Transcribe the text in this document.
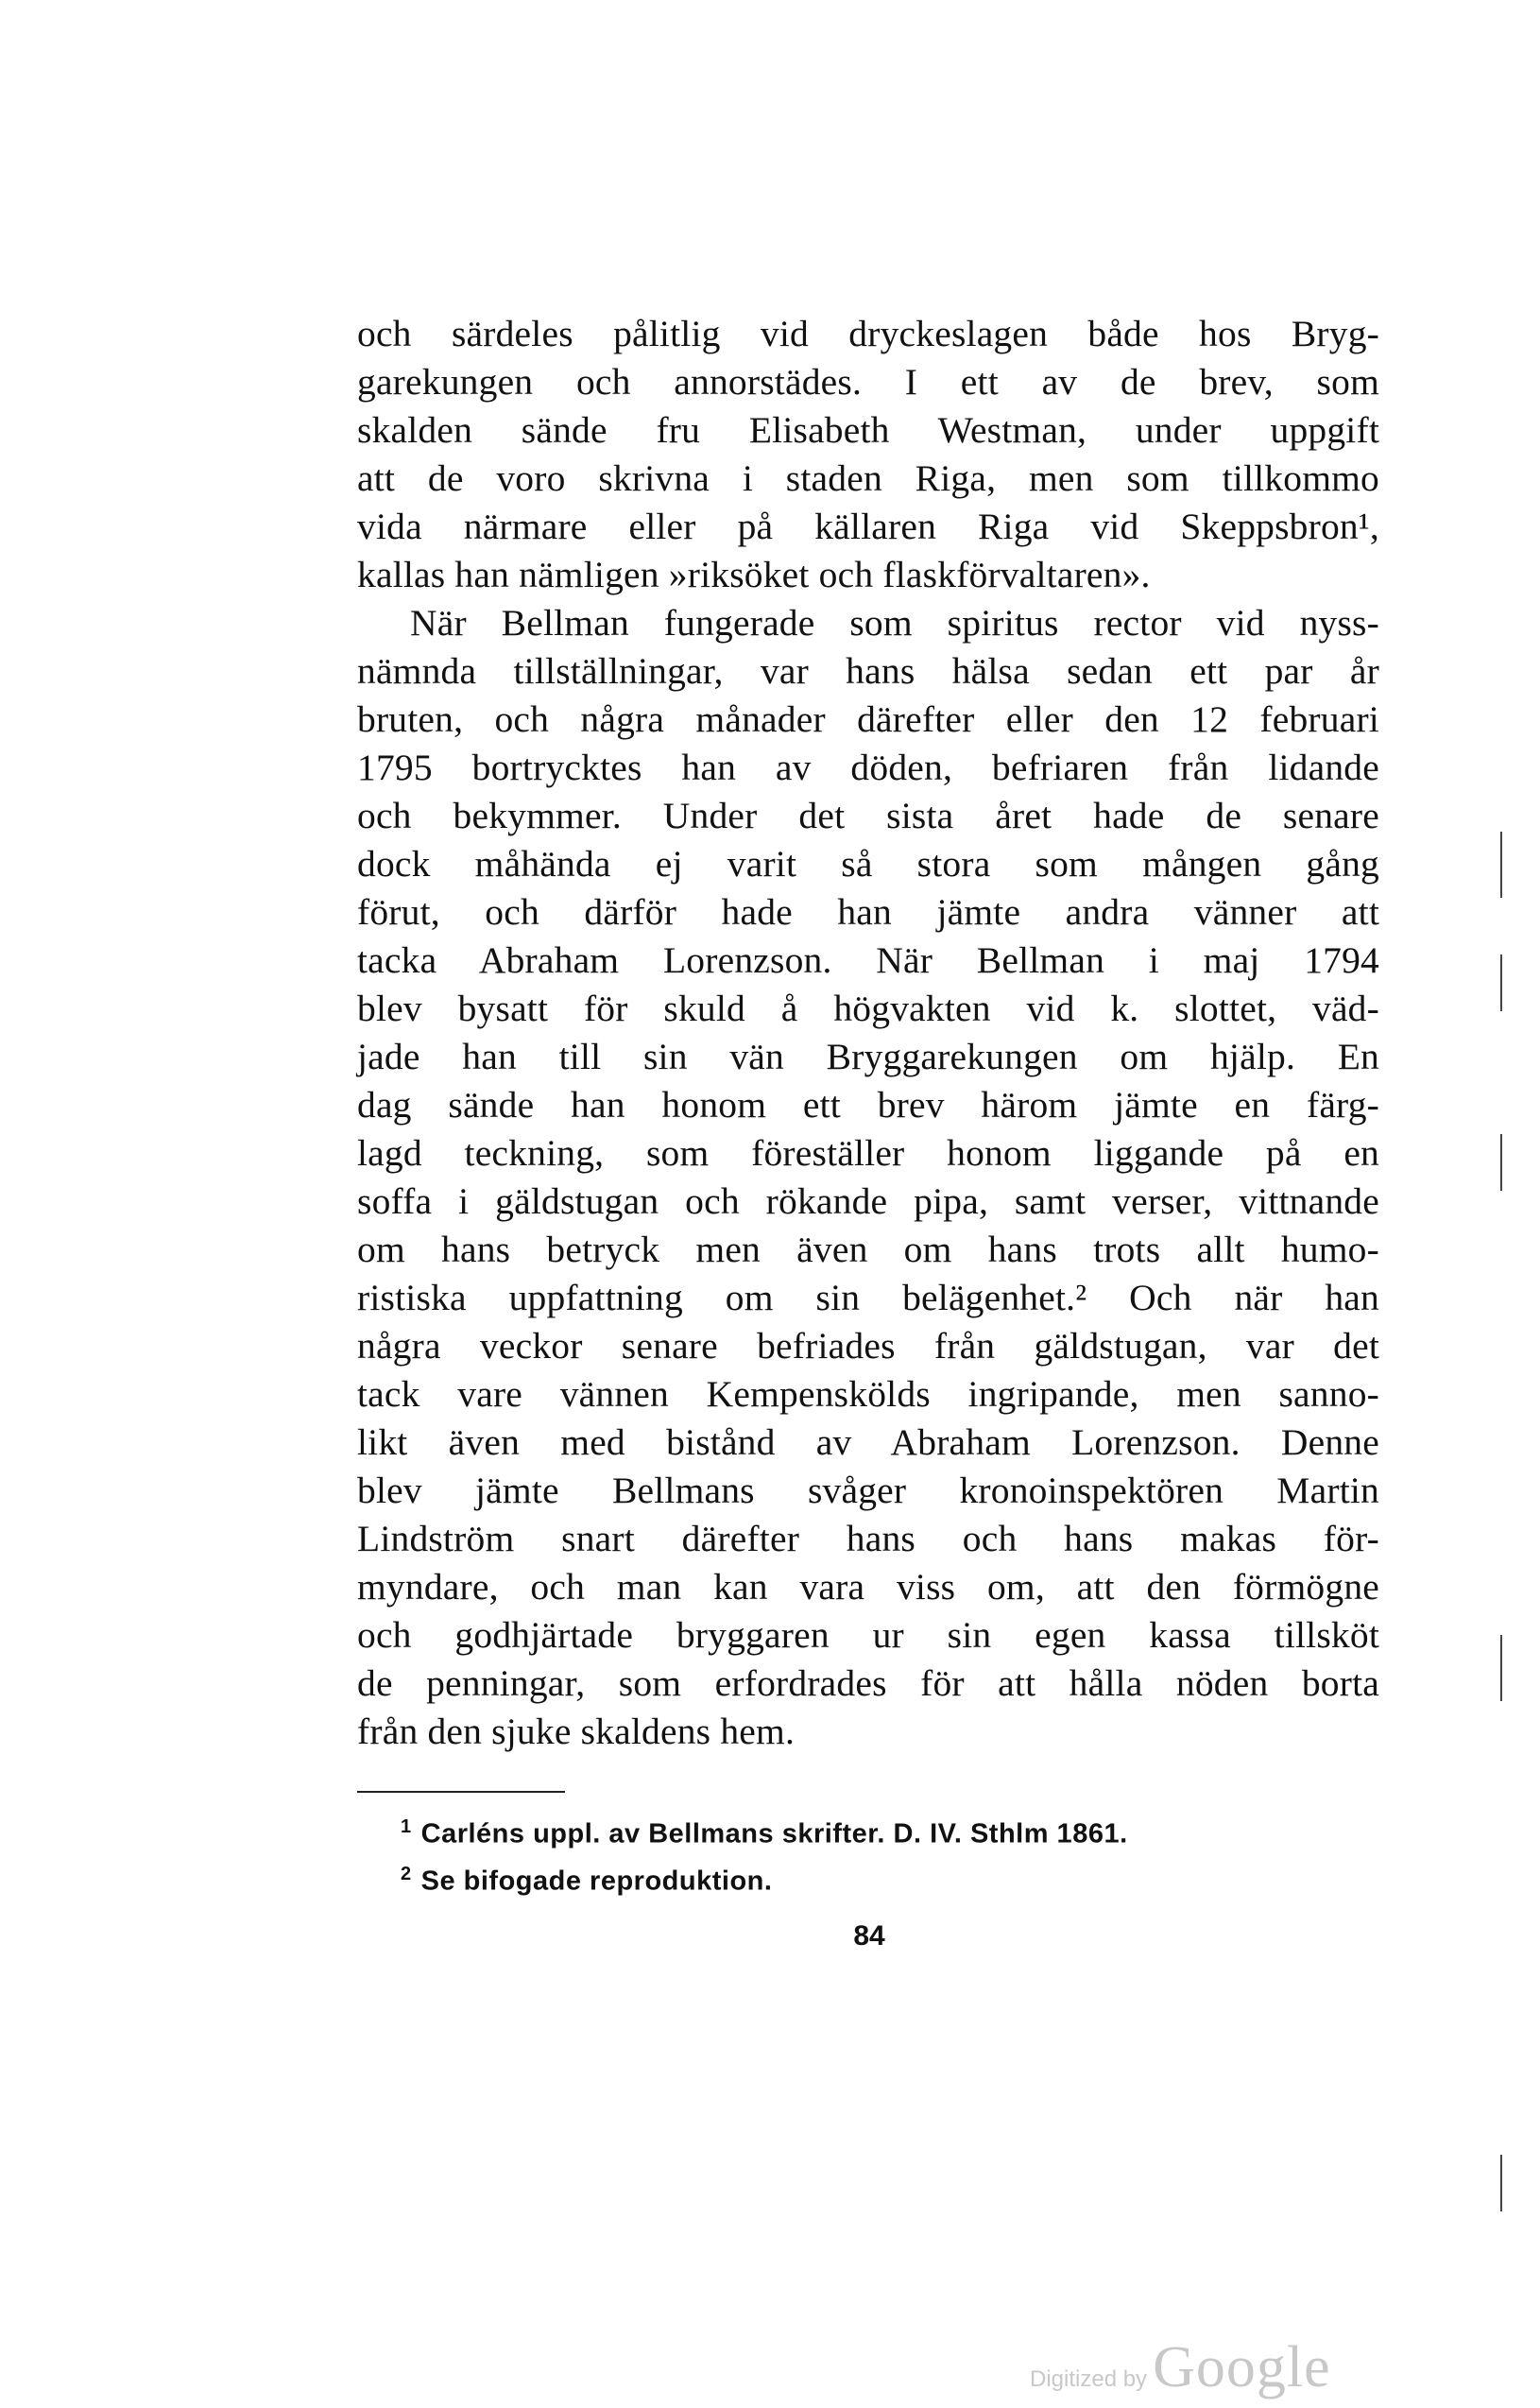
och särdeles pålitlig vid dryckeslagen både hos Bryg-
garekungen och annorstädes. I ett av de brev, som
skalden sände fru Elisabeth Westman, under uppgift
att de voro skrivna i staden Riga, men som tillkommo
vida närmare eller på källaren Riga vid Skeppsbron¹,
kallas han nämligen »riksöket och flaskförvaltaren».
När Bellman fungerade som spiritus rector vid nyss-
nämnda tillställningar, var hans hälsa sedan ett par år
bruten, och några månader därefter eller den 12 februari
1795 bortrycktes han av döden, befriaren från lidande
och bekymmer. Under det sista året hade de senare
dock måhända ej varit så stora som mången gång
förut, och därför hade han jämte andra vänner att
tacka Abraham Lorenzson. När Bellman i maj 1794
blev bysatt för skuld å högvakten vid k. slottet, väd-
jade han till sin vän Bryggarekungen om hjälp. En
dag sände han honom ett brev härom jämte en färg-
lagd teckning, som föreställer honom liggande på en
soffa i gäldstugan och rökande pipa, samt verser, vittnande
om hans betryck men även om hans trots allt humo-
ristiska uppfattning om sin belägenhet.² Och när han
några veckor senare befriades från gäldstugan, var det
tack vare vännen Kempenskölds ingripande, men sanno-
likt även med bistånd av Abraham Lorenzson. Denne
blev jämte Bellmans svåger kronoinspektören Martin
Lindström snart därefter hans och hans makas för-
myndare, och man kan vara viss om, att den förmögne
och godhjärtade bryggaren ur sin egen kassa tillsköt
de penningar, som erfordrades för att hålla nöden borta
från den sjuke skaldens hem.
$^1$ Carléns uppl. av Bellmans skrifter. D. IV. Sthlm 1861.
$^2$ Se bifogade reproduktion.
84
Digitized by Google
